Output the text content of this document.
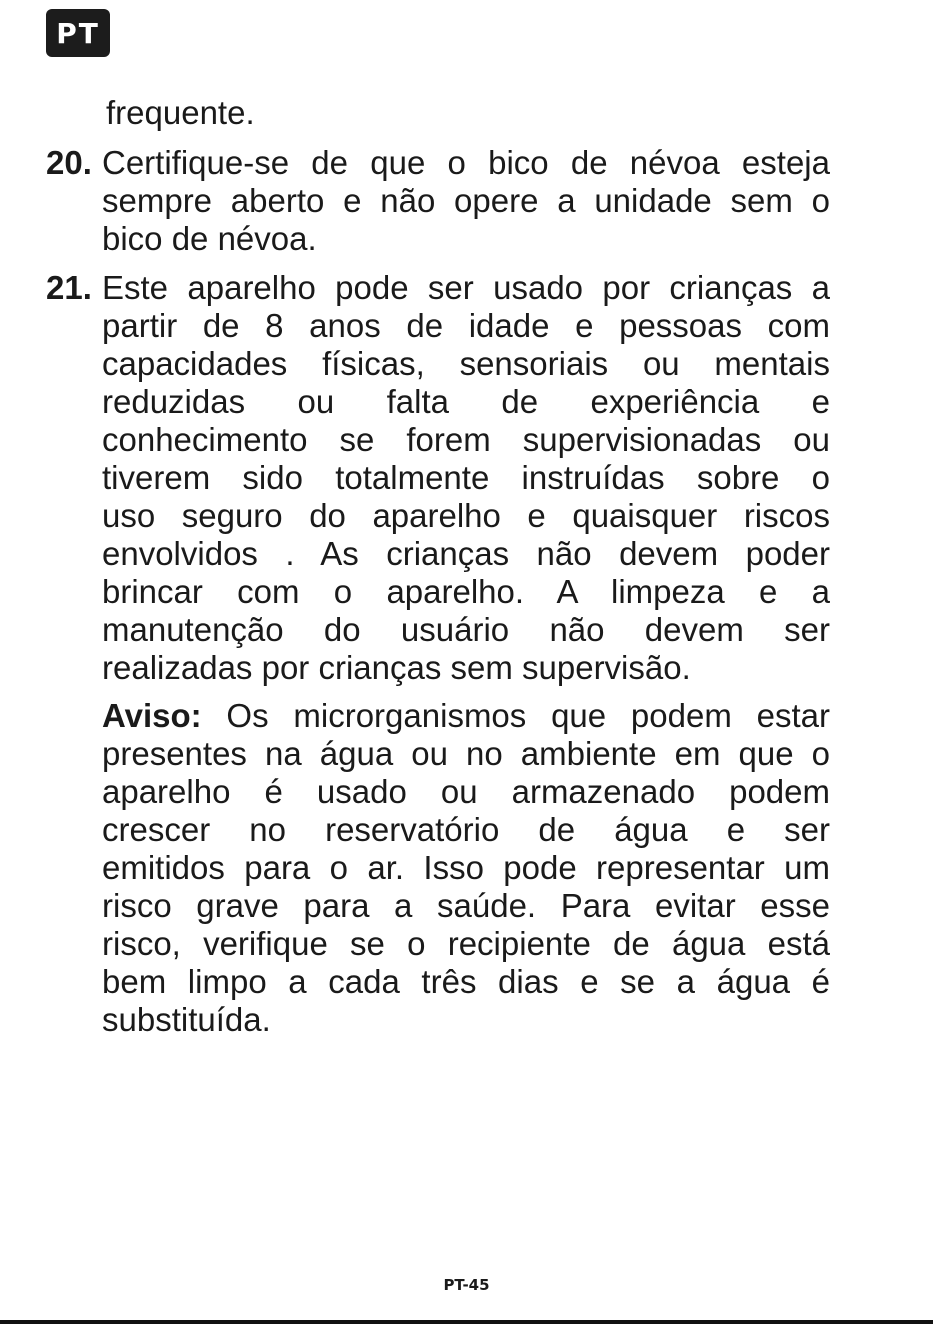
PT
frequente.
20. Certifique-se de que o bico de névoa esteja
sempre aberto e não opere a unidade sem o
bico de névoa.
21. Este aparelho pode ser usado por crianças a
partir de 8 anos de idade e pessoas com
capacidades físicas, sensoriais ou mentais
reduzidas ou falta de experiência e
conhecimento se forem supervisionadas ou
tiverem sido totalmente instruídas sobre o
uso seguro do aparelho e quaisquer riscos
envolvidos . As crianças não devem poder
brincar com o aparelho. A limpeza e a
manutenção do usuário não devem ser
realizadas por crianças sem supervisão.
Aviso: Os microrganismos que podem estar
presentes na água ou no ambiente em que o
aparelho é usado ou armazenado podem
crescer no reservatório de água e ser
emitidos para o ar. Isso pode representar um
risco grave para a saúde. Para evitar esse
risco, verifique se o recipiente de água está
bem limpo a cada três dias e se a água é
substituída.
PT-45
